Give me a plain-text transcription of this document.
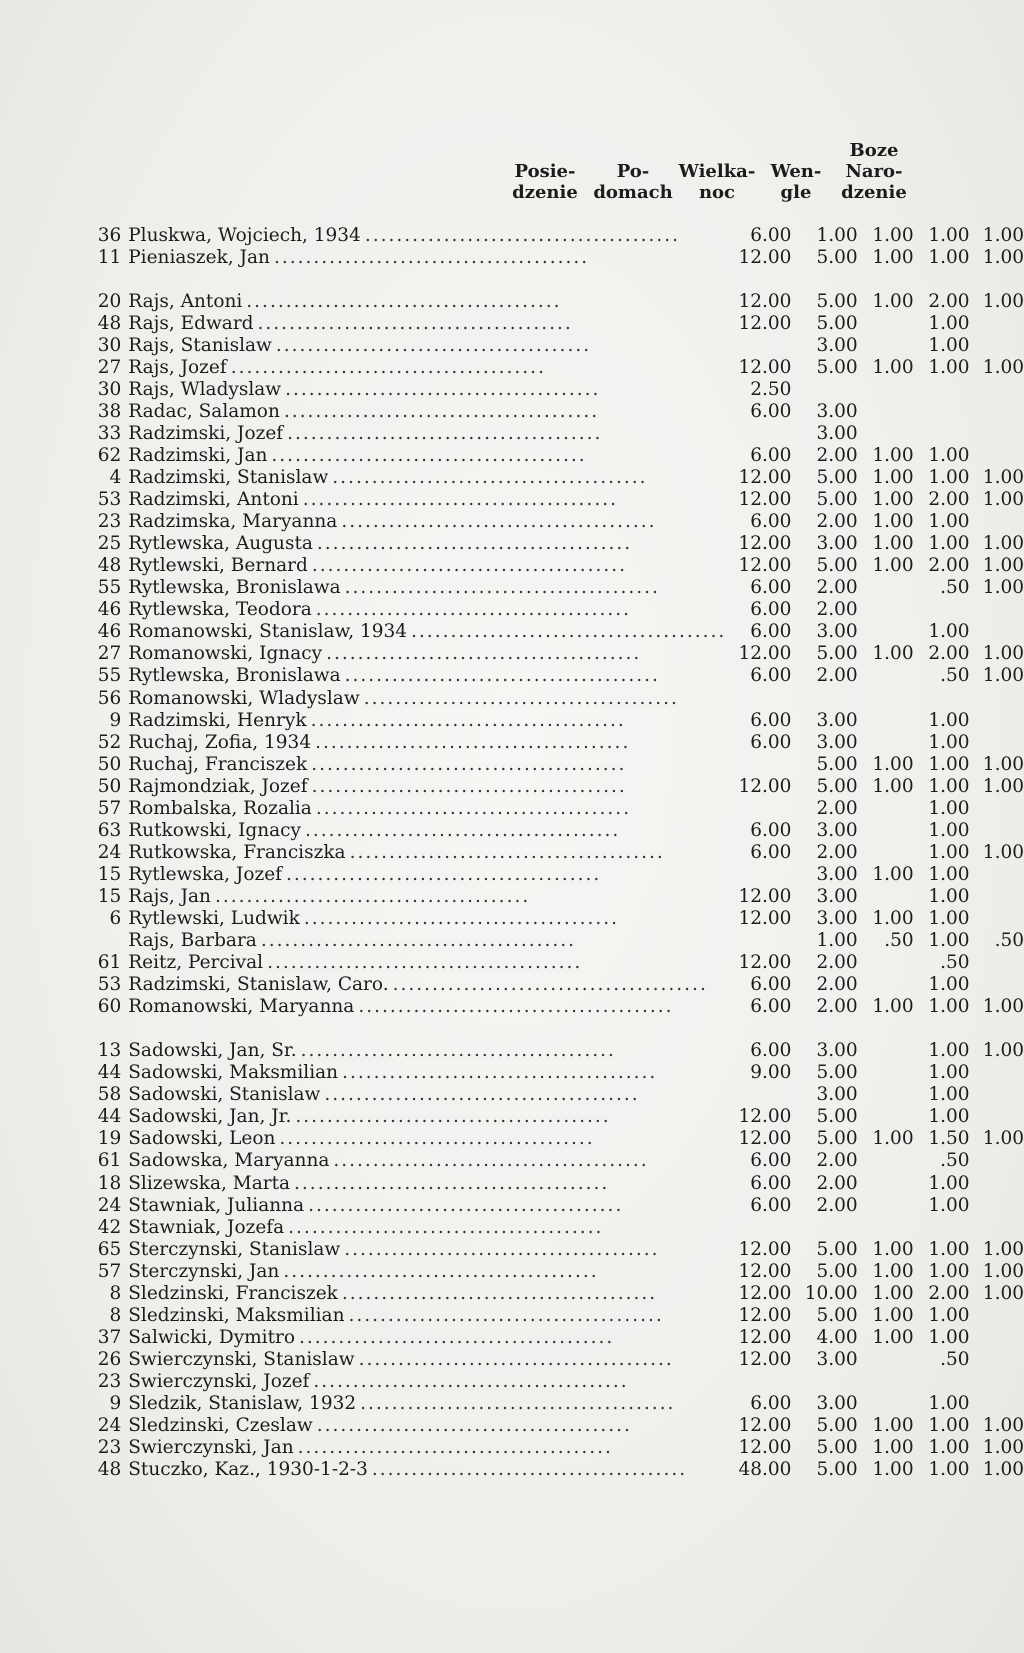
Posie-
dzenie
Po-
domach
Wielka-
noc
Wen-
gle
Boze
Naro-
dzenie
36	Pluskwa, Wojciech, 1934 ........................................	6.00	1.00	1.00	1.00	1.00
11	Pieniaszek, Jan ........................................	12.00	5.00	1.00	1.00	1.00

20	Rajs, Antoni ........................................	12.00	5.00	1.00	2.00	1.00
48	Rajs, Edward ........................................	12.00	5.00		1.00	
30	Rajs, Stanislaw ........................................		3.00		1.00	
27	Rajs, Jozef ........................................	12.00	5.00	1.00	1.00	1.00
30	Rajs, Wladyslaw ........................................	2.50				
38	Radac, Salamon ........................................	6.00	3.00			
33	Radzimski, Jozef ........................................		3.00			
62	Radzimski, Jan ........................................	6.00	2.00	1.00	1.00	
4	Radzimski, Stanislaw ........................................	12.00	5.00	1.00	1.00	1.00
53	Radzimski, Antoni ........................................	12.00	5.00	1.00	2.00	1.00
23	Radzimska, Maryanna ........................................	6.00	2.00	1.00	1.00	
25	Rytlewska, Augusta ........................................	12.00	3.00	1.00	1.00	1.00
48	Rytlewski, Bernard ........................................	12.00	5.00	1.00	2.00	1.00
55	Rytlewska, Bronislawa ........................................	6.00	2.00		.50	1.00
46	Rytlewska, Teodora ........................................	6.00	2.00			
46	Romanowski, Stanislaw, 1934 ........................................	6.00	3.00		1.00	
27	Romanowski, Ignacy ........................................	12.00	5.00	1.00	2.00	1.00
55	Rytlewska, Bronislawa ........................................	6.00	2.00		.50	1.00
56	Romanowski, Wladyslaw ........................................					

9	Radzimski, Henryk ........................................	6.00	3.00		1.00	
52	Ruchaj, Zofia, 1934 ........................................	6.00	3.00		1.00	
50	Ruchaj, Franciszek ........................................		5.00	1.00	1.00	1.00
50	Rajmondziak, Jozef ........................................	12.00	5.00	1.00	1.00	1.00
57	Rombalska, Rozalia ........................................		2.00		1.00	
63	Rutkowski, Ignacy ........................................	6.00	3.00		1.00	
24	Rutkowska, Franciszka ........................................	6.00	2.00		1.00	1.00
15	Rytlewska, Jozef ........................................		3.00	1.00	1.00	
15	Rajs, Jan ........................................	12.00	3.00		1.00	
6	Rytlewski, Ludwik ........................................	12.00	3.00	1.00	1.00	

	Rajs, Barbara ........................................		1.00	.50	1.00	.50
61	Reitz, Percival ........................................	12.00	2.00		.50	
53	Radzimski, Stanislaw, Caro. ........................................	6.00	2.00		1.00	
60	Romanowski, Maryanna ........................................	6.00	2.00	1.00	1.00	1.00

13	Sadowski, Jan, Sr. ........................................	6.00	3.00		1.00	1.00
44	Sadowski, Maksmilian ........................................	9.00	5.00		1.00	
58	Sadowski, Stanislaw ........................................		3.00		1.00	
44	Sadowski, Jan, Jr. ........................................	12.00	5.00		1.00	
19	Sadowski, Leon ........................................	12.00	5.00	1.00	1.50	1.00
61	Sadowska, Maryanna ........................................	6.00	2.00		.50	
18	Slizewska, Marta ........................................	6.00	2.00		1.00	
24	Stawniak, Julianna ........................................	6.00	2.00		1.00	
42	Stawniak, Jozefa ........................................					

65	Sterczynski, Stanislaw ........................................	12.00	5.00	1.00	1.00	1.00
57	Sterczynski, Jan ........................................	12.00	5.00	1.00	1.00	1.00
8	Sledzinski, Franciszek ........................................	12.00	10.00	1.00	2.00	1.00
8	Sledzinski, Maksmilian ........................................	12.00	5.00	1.00	1.00	
37	Salwicki, Dymitro ........................................	12.00	4.00	1.00	1.00	
26	Swierczynski, Stanislaw ........................................	12.00	3.00		.50	
23	Swierczynski, Jozef ........................................					

9	Sledzik, Stanislaw, 1932 ........................................	6.00	3.00		1.00	
24	Sledzinski, Czeslaw ........................................	12.00	5.00	1.00	1.00	1.00
23	Swierczynski, Jan ........................................	12.00	5.00	1.00	1.00	1.00
48	Stuczko, Kaz., 1930-1-2-3 ........................................	48.00	5.00	1.00	1.00	1.00
